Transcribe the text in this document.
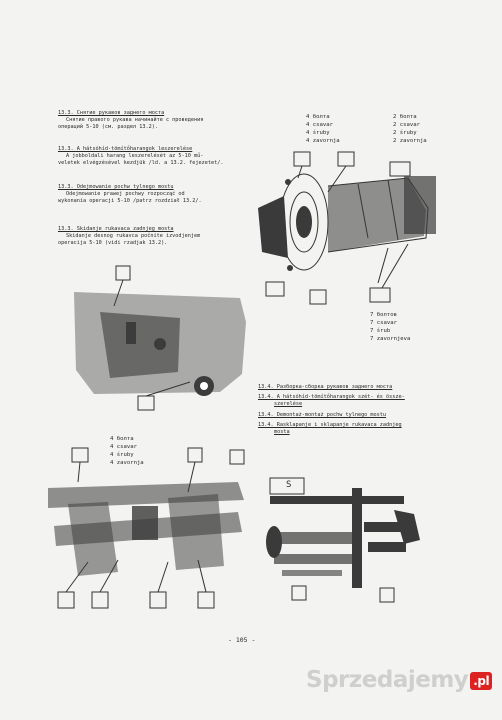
13.3. Снятие рукавов заднего моста
Снятие правого рукава начинайте с проведения
операций 5-10 (см. раздел 13.2).
13.3. A hátsóhíd-tömítőharangok leszerelése
A jobboldali harang leszerelését az 5-10 mű-
veletek elvégzésével kezdjük /ld. a 13.2. fejezetet/.
13.3. Odejmowanie pochw tylnego mostu
Odejmowanie prawej pochwy rozpocząć od
wykonania operacji 5-10 /patrz rozdział 13.2/.
13.3. Skidanje rukavaca zadnjeg mosta
Skidanje desnog rukavca počnite izvodjenjem
operacija 5-10 (vidi rzadjak 13.2).
4 болта
4 csavar
4 śruby
4 zavornja
2 болта
2 csavar
2 śruby
2 zavornja
7 болтов
7 csavar
7 śrub
7 zavornjeva
13.4. Разборка-сборка рукавов заднего моста
13.4. A hátsóhíd-tömítőharangok szét- és össze-
szerelése
13.4. Demontaż-montaż pochw tylnego mostu
13.4. Rasklapanje i sklapanje rukavaca zadnjeg
mosta
4 болта
4 csavar
4 śruby
4 zavornja
S
- 105 -
Sprzedajemy .pl
